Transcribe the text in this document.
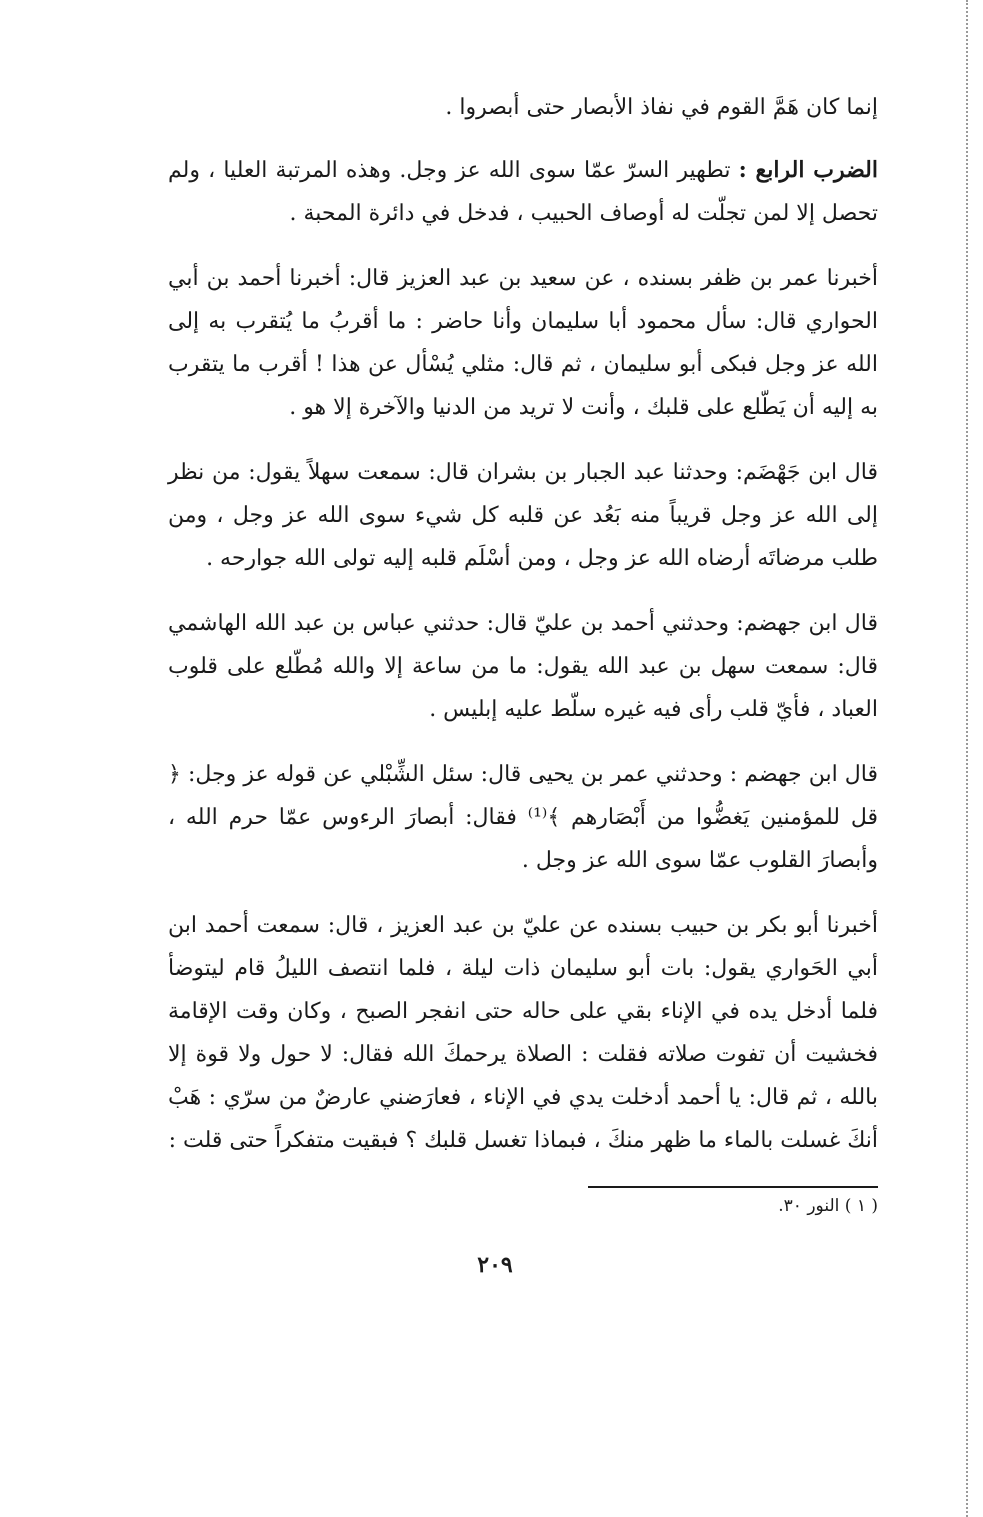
إنما كان هَمَّ القوم في نفاذ الأبصار حتى أبصروا .

الضرب الرابع : تطهير السرّ عمّا سوى الله عز وجل. وهذه المرتبة العليا ، ولم تحصل إلا لمن تجلّت له أوصاف الحبيب ، فدخل في دائرة المحبة .

أخبرنا عمر بن ظفر بسنده ، عن سعيد بن عبد العزيز قال: أخبرنا أحمد بن أبي الحواري قال: سأل محمود أبا سليمان وأنا حاضر : ما أقربُ ما يُتقرب به إلى الله عز وجل فبكى أبو سليمان ، ثم قال: مثلي يُسْأل عن هذا ! أقرب ما يتقرب به إليه أن يَطّلع على قلبك ، وأنت لا تريد من الدنيا والآخرة إلا هو .

قال ابن جَهْضَم: وحدثنا عبد الجبار بن بشران قال: سمعت سهلاً يقول: من نظر إلى الله عز وجل قريباً منه بَعُد عن قلبه كل شيء سوى الله عز وجل ، ومن طلب مرضاتَه أرضاه الله عز وجل ، ومن أسْلَم قلبه إليه تولى الله جوارحه .

قال ابن جهضم: وحدثني أحمد بن عليّ قال: حدثني عباس بن عبد الله الهاشمي قال: سمعت سهل بن عبد الله يقول: ما من ساعة إلا والله مُطّلع على قلوب العباد ، فأيّ قلب رأى فيه غيره سلّط عليه إبليس .

قال ابن جهضم : وحدثني عمر بن يحيى قال: سئل الشِّبْلي عن قوله عز وجل: ﴿ قل للمؤمنين يَغضُّوا من أَبْصَارهم ﴾⁽¹⁾ فقال: أبصارَ الرءوس عمّا حرم الله ، وأبصارَ القلوب عمّا سوى الله عز وجل .

أخبرنا أبو بكر بن حبيب بسنده عن عليّ بن عبد العزيز ، قال: سمعت أحمد ابن أبي الحَواري يقول: بات أبو سليمان ذات ليلة ، فلما انتصف الليلُ قام ليتوضأ فلما أدخل يده في الإناء بقي على حاله حتى انفجر الصبح ، وكان وقت الإقامة فخشيت أن تفوت صلاته فقلت : الصلاة يرحمكَ الله فقال: لا حول ولا قوة إلا بالله ، ثم قال: يا أحمد أدخلت يدي في الإناء ، فعارَضني عارضٌ من سرّي : هَبْ أنكَ غسلت بالماء ما ظهر منكَ ، فبماذا تغسل قلبك ؟ فبقيت متفكراً حتى قلت :

( ١ ) النور ٣٠.
٢٠٩
